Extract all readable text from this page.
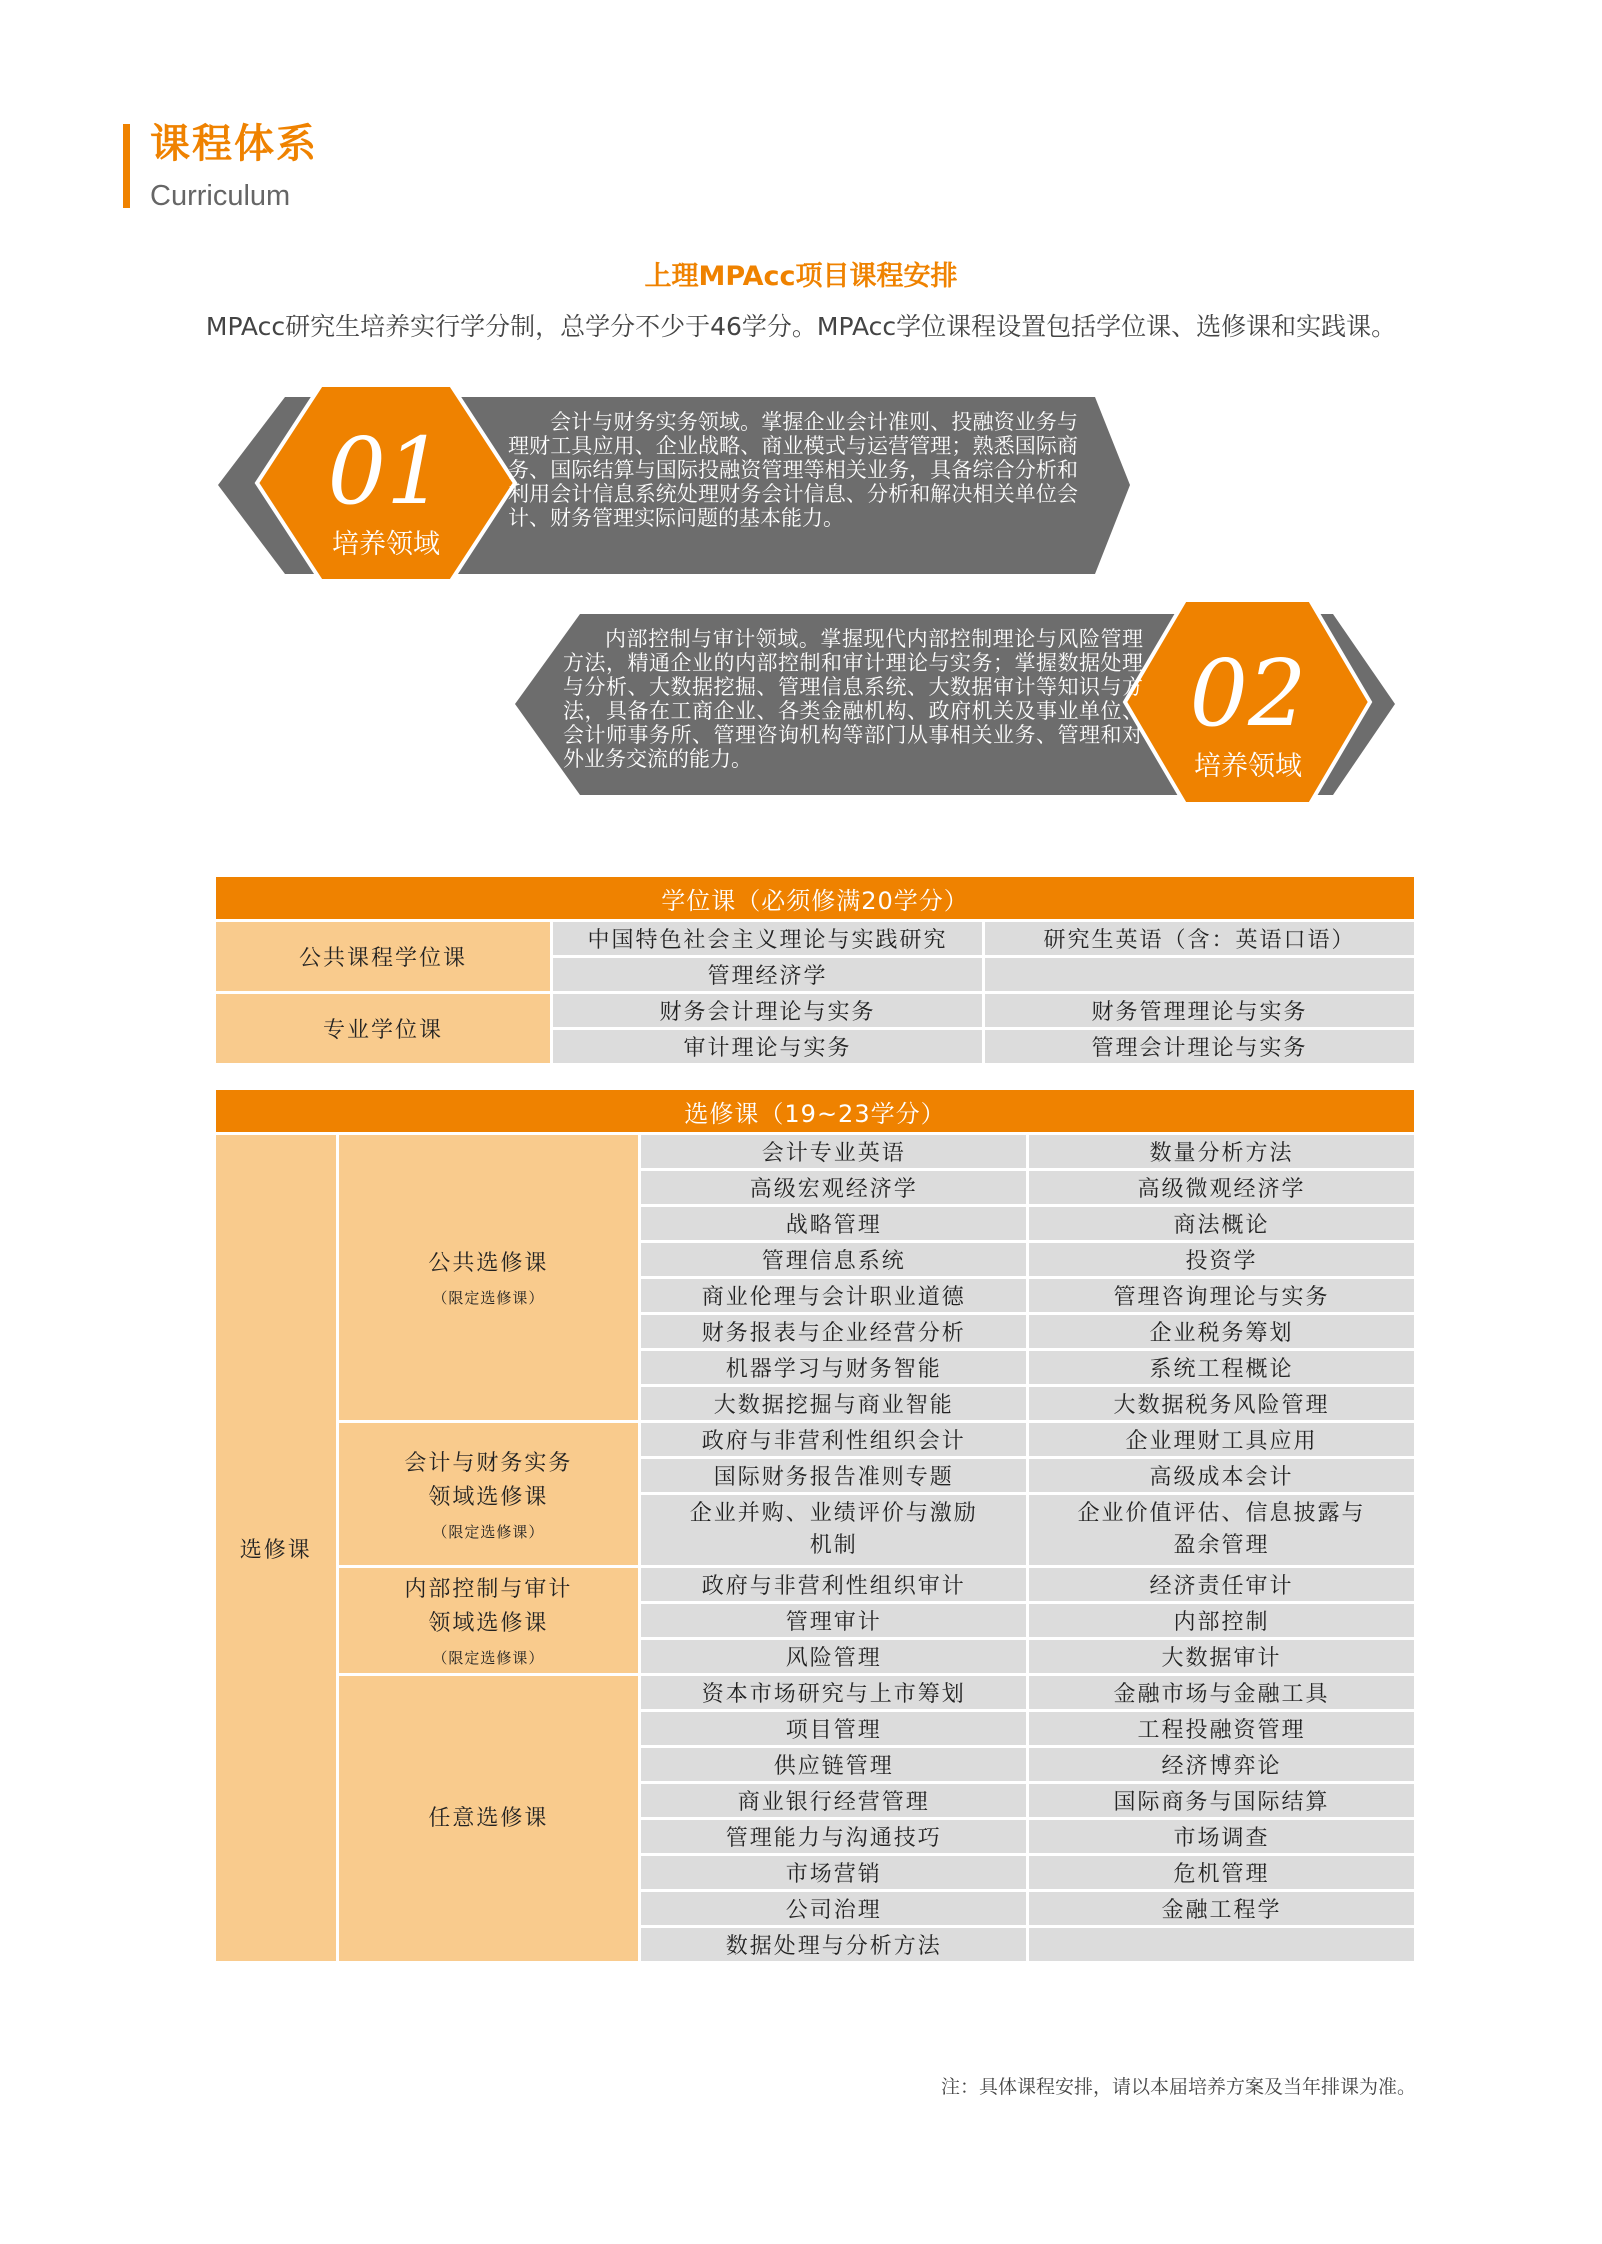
课程体系
Curriculum
上理MPAcc项目课程安排
MPAcc研究生培养实行学分制，总学分不少于46学分。MPAcc学位课程设置包括学位课、选修课和实践课。
01
培养领域
会计与财务实务领域。掌握企业会计准则、投融资业务与理财工具应用、企业战略、商业模式与运营管理；熟悉国际商务、国际结算与国际投融资管理等相关业务，具备综合分析和利用会计信息系统处理财务会计信息、分析和解决相关单位会计、财务管理实际问题的基本能力。
02
培养领域
内部控制与审计领域。掌握现代内部控制理论与风险管理方法，精通企业的内部控制和审计理论与实务；掌握数据处理与分析、大数据挖掘、管理信息系统、大数据审计等知识与方法，具备在工商企业、各类金融机构、政府机关及事业单位、会计师事务所、管理咨询机构等部门从事相关业务、管理和对外业务交流的能力。
学位课（必须修满20学分）		
公共课程学位课	中国特色社会主义理论与实践研究	研究生英语（含：英语口语）
	管理经济学	
专业学位课	财务会计理论与实务	财务管理理论与实务
	审计理论与实务	管理会计理论与实务

选修课（19~23学分）			
选修课	公共选修课
（限定选修课）	会计专业英语	数量分析方法
		高级宏观经济学	高级微观经济学
		战略管理	商法概论
		管理信息系统	投资学
		商业伦理与会计职业道德	管理咨询理论与实务
		财务报表与企业经营分析	企业税务筹划
		机器学习与财务智能	系统工程概论
		大数据挖掘与商业智能	大数据税务风险管理
	会计与财务实务领域选修课
（限定选修课）	政府与非营利性组织会计	企业理财工具应用
		国际财务报告准则专题	高级成本会计
		企业并购、业绩评价与激励机制	企业价值评估、信息披露与盈余管理
	内部控制与审计领域选修课
（限定选修课）	政府与非营利性组织审计	经济责任审计
		管理审计	内部控制
		风险管理	大数据审计
	任意选修课	资本市场研究与上市筹划	金融市场与金融工具
		项目管理	工程投融资管理
		供应链管理	经济博弈论
		商业银行经营管理	国际商务与国际结算
		管理能力与沟通技巧	市场调查
		市场营销	危机管理
		公司治理	金融工程学
		数据处理与分析方法	
注：具体课程安排，请以本届培养方案及当年排课为准。
